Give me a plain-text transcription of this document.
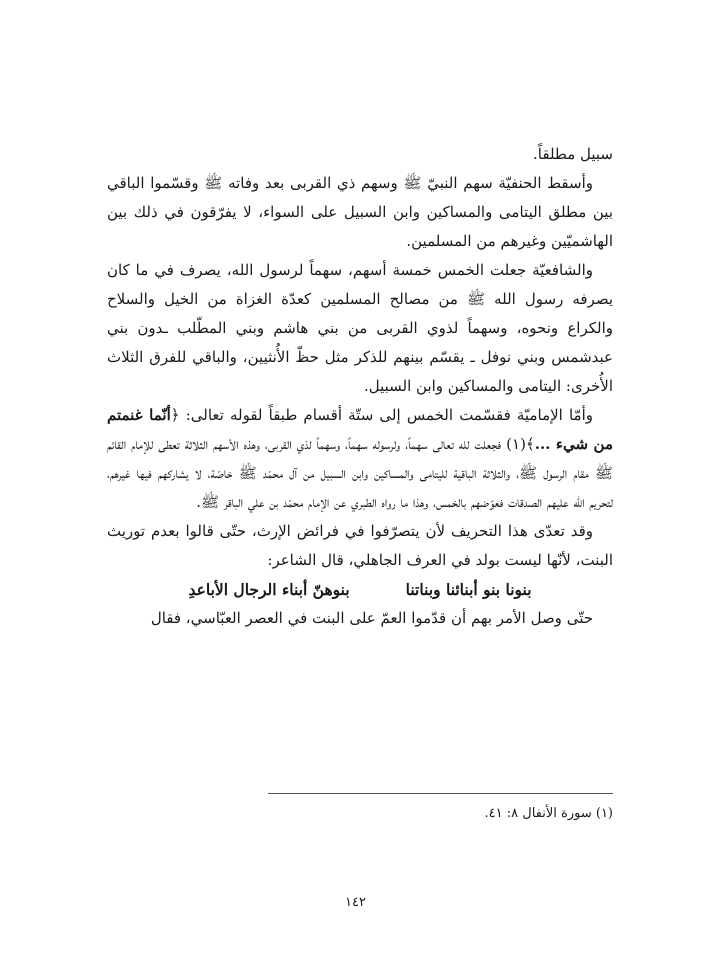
سبيل مطلقاً.

وأسقط الحنفيّة سهم النبيّ ﷺ وسهم ذي القربى بعد وفاته ﷺ وقسّموا الباقي بين مطلق اليتامى والمساكين وابن السبيل على السواء، لا يفرّقون في ذلك بين الهاشميّين وغيرهم من المسلمين.

والشافعيّة جعلت الخمس خمسة أسهم، سهماً لرسول الله، يصرف في ما كان يصرفه رسول الله ﷺ من مصالح المسلمين كعدّة الغزاة من الخيل والسلاح والكراع ونحوه، وسهماً لذوي القربى من بني هاشم وبني المطّلب ـدون بني عبدشمس وبني نوفل ـ يقسّم بينهم للذكر مثل حظّ الأُنثيين، والباقي للفرق الثلاث الأُخرى: اليتامى والمساكين وابن السبيل.

وأمّا الإماميّة فقسّمت الخمس إلى ستّة أقسام طبقاً لقوله تعالى: ﴿أنّما غنمتم من شيء ...﴾(١) فجعلت لله تعالى سهماً، ولرسوله سهماً، وسهماً لذي القربى، وهذه الأسهم الثلاثة تعطى للإمام القائم ﷺ مقام الرسول ﷺ، والثلاثة الباقية لليتامى والمساكين وابن السبيل من آل محمّد ﷺ خاصّة، لا يشاركهم فيها غيرهم، لتحريم الله عليهم الصدقات فعوّضهم بالخمس، وهذا ما رواه الطبري عن الإمام محمّد بن علي الباقر ﷺ.

وقد تعدّى هذا التحريف لأن يتصرّفوا في فرائض الإرث، حتّى قالوا بعدم توريث البنت، لأنّها ليست بولد في العرف الجاهلي، قال الشاعر:

بنونا بنو أبنائنا وبناتنا
بنوهنّ أبناء الرجال الأباعدِ

حتّى وصل الأمر بهم أن قدّموا العمّ على البنت في العصر العبّاسي، فقال

(١) سورة الأنفال ٨: ٤١.
١٤٢
